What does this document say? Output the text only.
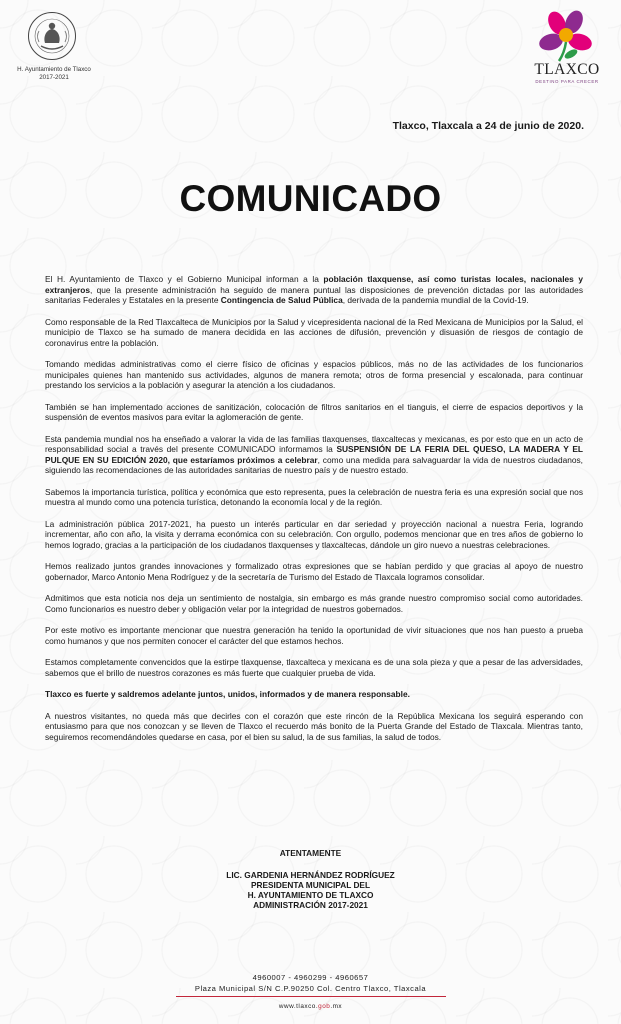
H. Ayuntamiento de Tlaxco
2017-2021	TLAXCO
DESTINO PARA CRECER
Tlaxco, Tlaxcala a 24 de junio de 2020.
COMUNICADO

El H. Ayuntamiento de Tlaxco y el Gobierno Municipal informan a la población tlaxquense, así como turistas locales, nacionales y extranjeros, que la presente administración ha seguido de manera puntual las disposiciones de prevención dictadas por las autoridades sanitarias Federales y Estatales en la presente Contingencia de Salud Pública, derivada de la pandemia mundial de la Covid-19.

Como responsable de la Red Tlaxcalteca de Municipios por la Salud y vicepresidenta nacional de la Red Mexicana de Municipios por la Salud, el municipio de Tlaxco se ha sumado de manera decidida en las acciones de difusión, prevención y disuasión de riesgos de contagio de coronavirus entre la población.

Tomando medidas administrativas como el cierre físico de oficinas y espacios públicos, más no de las actividades de los funcionarios municipales quienes han mantenido sus actividades, algunos de manera remota; otros de forma presencial y escalonada, para continuar prestando los servicios a la población y asegurar la atención a los ciudadanos.

También se han implementado acciones de sanitización, colocación de filtros sanitarios en el tianguis, el cierre de espacios deportivos y la suspensión de eventos masivos para evitar la aglomeración de gente.

Esta pandemia mundial nos ha enseñado a valorar la vida de las familias tlaxquenses, tlaxcaltecas y mexicanas, es por esto que en un acto de responsabilidad social a través del presente COMUNICADO informamos la SUSPENSIÓN DE LA FERIA DEL QUESO, LA MADERA Y EL PULQUE EN SU EDICIÓN 2020, que estaríamos próximos a celebrar, como una medida para salvaguardar la vida de nuestros ciudadanos, siguiendo las recomendaciones de las autoridades sanitarias de nuestro país y de nuestro estado.

Sabemos la importancia turística, política y económica que esto representa, pues la celebración de nuestra feria es una expresión social que nos muestra al mundo como una potencia turística, detonando la economía local y de la región.

La administración pública 2017-2021, ha puesto un interés particular en dar seriedad y proyección nacional a nuestra Feria, logrando incrementar, año con año, la visita y derrama económica con su celebración. Con orgullo, podemos mencionar que en tres años de gobierno lo hemos logrado, gracias a la participación de los ciudadanos tlaxquenses y tlaxcaltecas, dándole un giro nuevo a nuestras celebraciones.

Hemos realizado juntos grandes innovaciones y formalizado otras expresiones que se habían perdido y que gracias al apoyo de nuestro gobernador, Marco Antonio Mena Rodríguez y de la secretaría de Turismo del Estado de Tlaxcala logramos consolidar.

Admitimos que esta noticia nos deja un sentimiento de nostalgia, sin embargo es más grande nuestro compromiso social como autoridades. Como funcionarios es nuestro deber y obligación velar por la integridad de nuestros gobernados.

Por este motivo es importante mencionar que nuestra generación ha tenido la oportunidad de vivir situaciones que nos han puesto a prueba como humanos y que nos permiten conocer el carácter del que estamos hechos.

Estamos completamente convencidos que la estirpe tlaxquense, tlaxcalteca y mexicana es de una sola pieza y que a pesar de las adversidades, sabemos que el brillo de nuestros corazones es más fuerte que cualquier prueba de vida.

Tlaxco es fuerte y saldremos adelante juntos, unidos, informados y de manera responsable.

A nuestros visitantes, no queda más que decirles con el corazón que este rincón de la República Mexicana los seguirá esperando con entusiasmo para que nos conozcan y se lleven de Tlaxco el recuerdo más bonito de la Puerta Grande del Estado de Tlaxcala. Mientras tanto, seguiremos recomendándoles quedarse en casa, por el bien su salud, la de sus familias, la salud de todos.

ATENTAMENTE
LIC. GARDENIA HERNÁNDEZ RODRÍGUEZ
PRESIDENTA MUNICIPAL DEL
H. AYUNTAMIENTO DE TLAXCO
ADMINISTRACIÓN 2017-2021
4960007 - 4960299 - 4960657
Plaza Municipal S/N C.P.90250 Col. Centro Tlaxco, Tlaxcala
www.tlaxco.gob.mx
